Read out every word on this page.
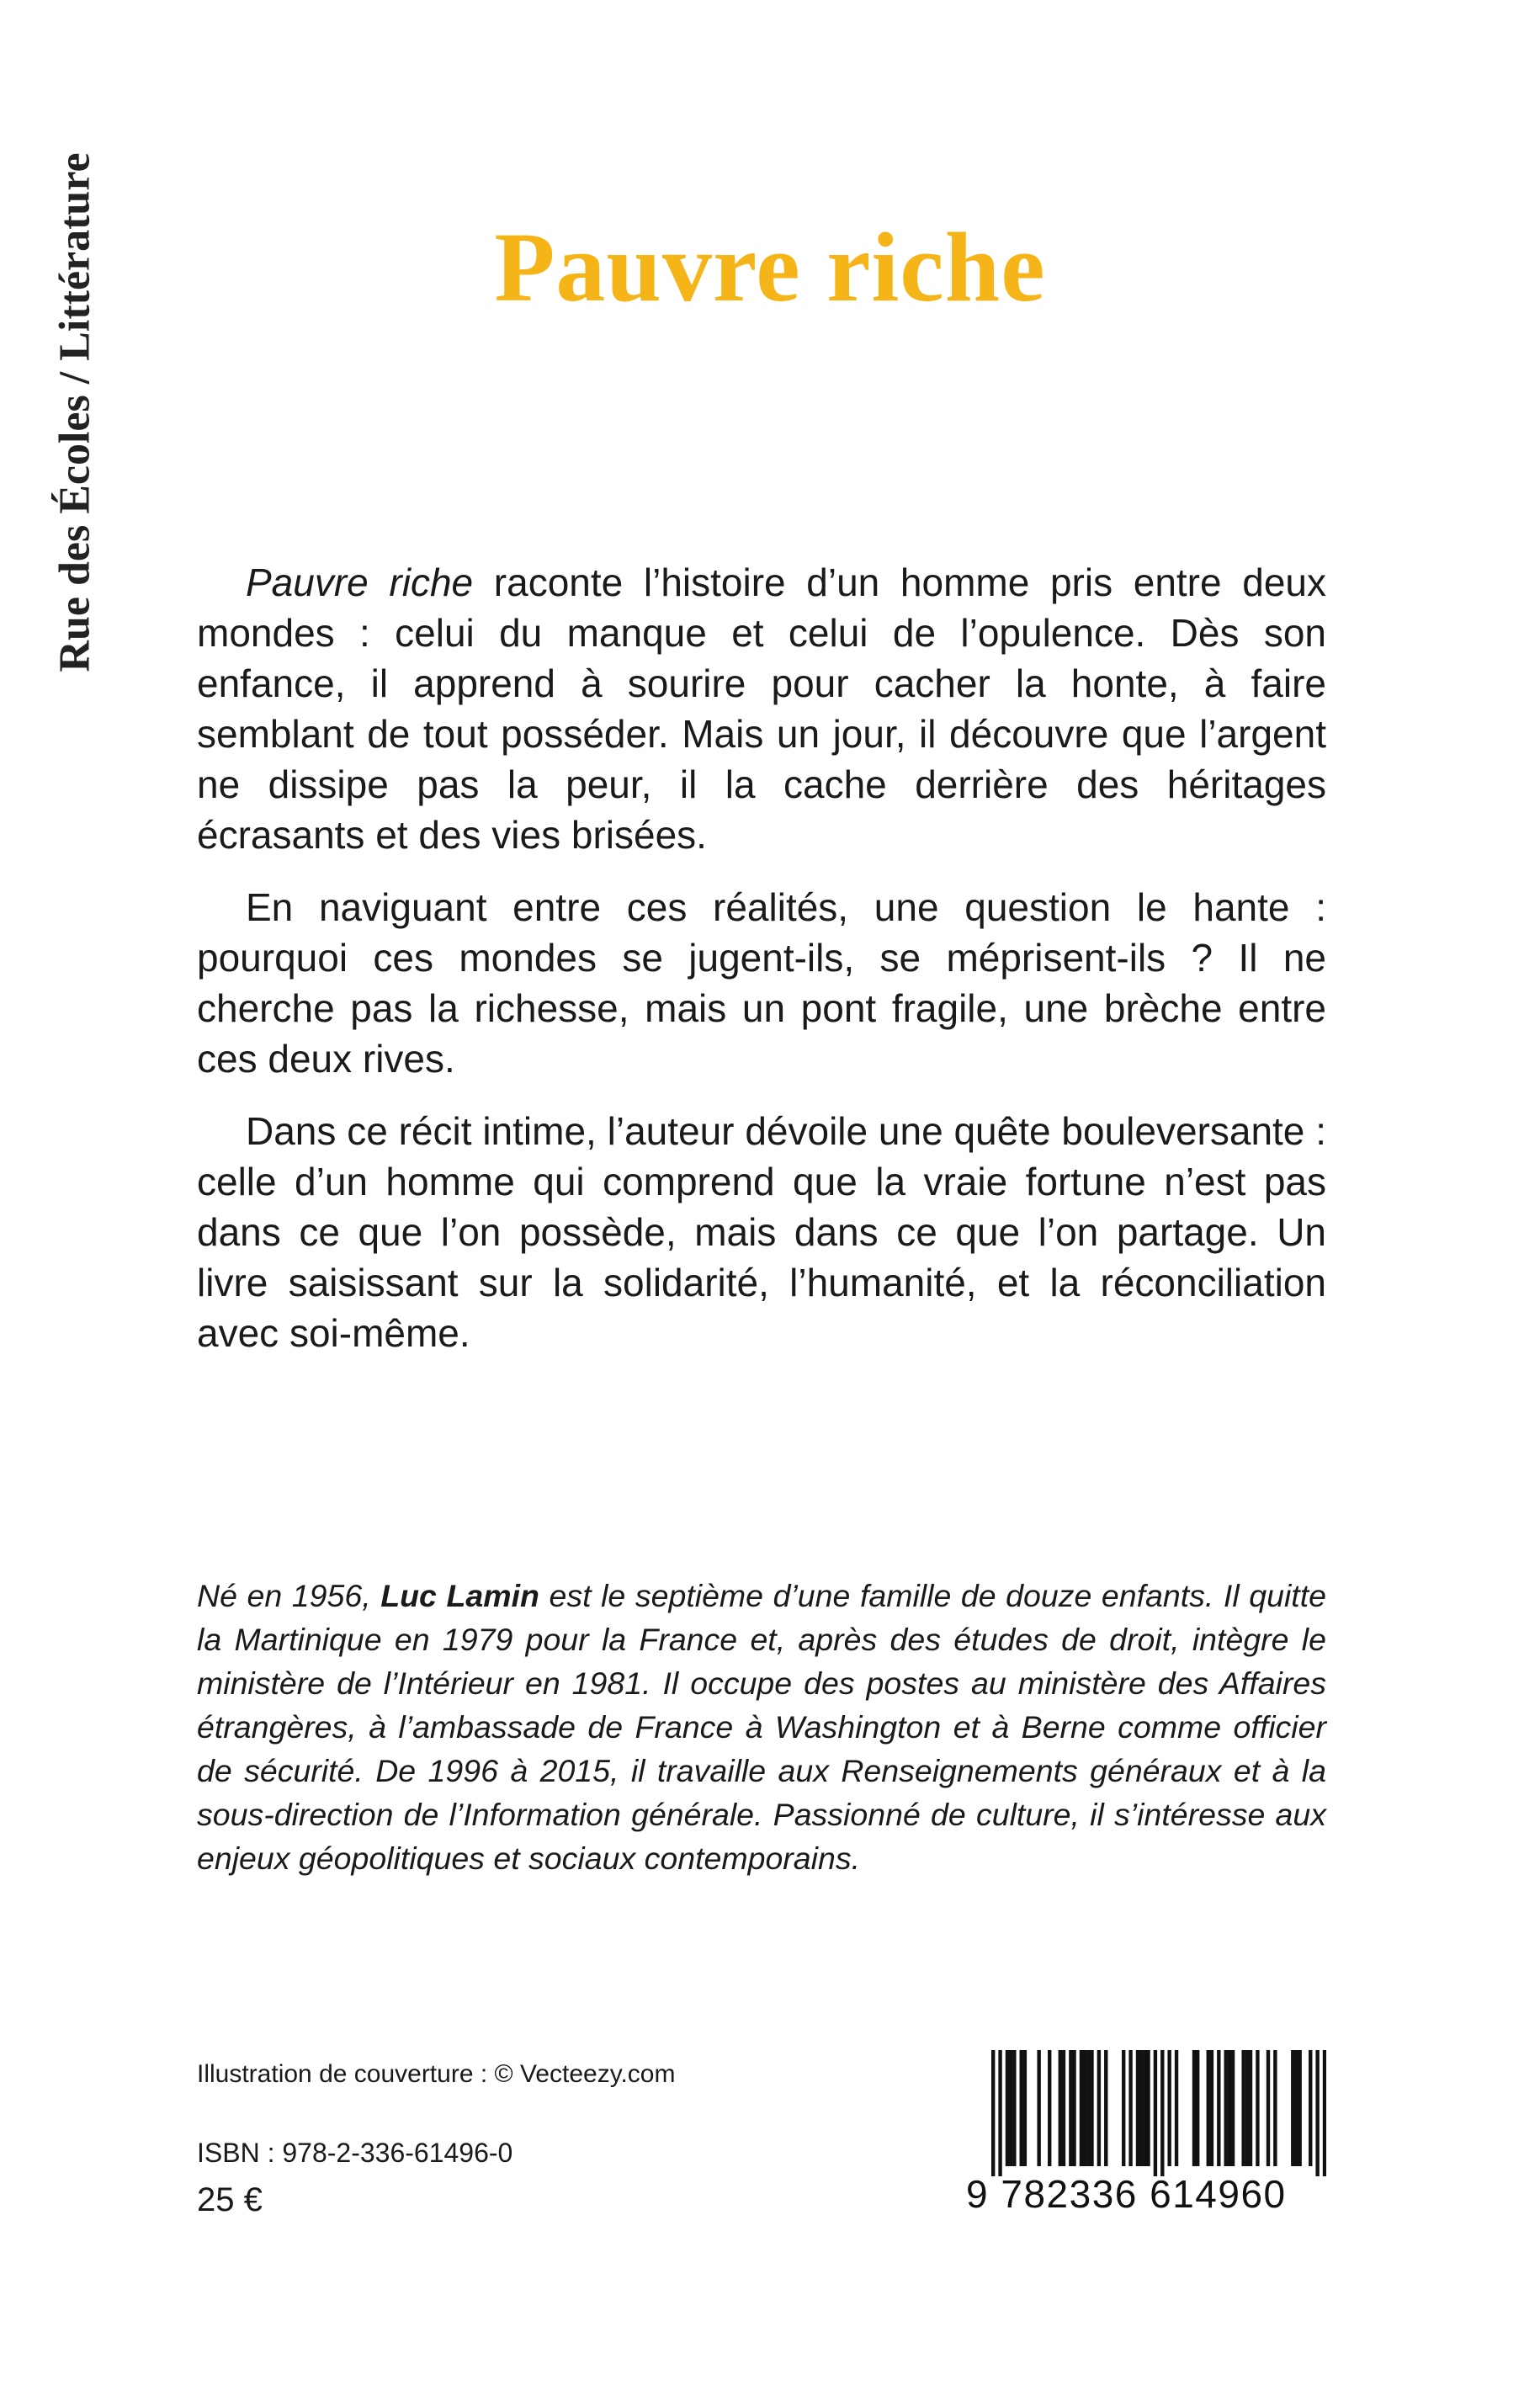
Rue des Écoles / Littérature	Pauvre riche

Pauvre riche raconte l’histoire d’un homme pris entre deux mondes : celui du manque et celui de l’opulence. Dès son enfance, il apprend à sourire pour cacher la honte, à faire semblant de tout posséder. Mais un jour, il découvre que l’argent ne dissipe pas la peur, il la cache derrière des héritages écrasants et des vies brisées.

En naviguant entre ces réalités, une question le hante : pourquoi ces mondes se jugent-ils, se méprisent-ils ? Il ne cherche pas la richesse, mais un pont fragile, une brèche entre ces deux rives.

Dans ce récit intime, l’auteur dévoile une quête bouleversante : celle d’un homme qui comprend que la vraie fortune n’est pas dans ce que l’on possède, mais dans ce que l’on partage. Un livre saisissant sur la solidarité, l’humanité, et la réconciliation avec soi-même.

Né en 1956, Luc Lamin est le septième d’une famille de douze enfants. Il quitte la Martinique en 1979 pour la France et, après des études de droit, intègre le ministère de l’Intérieur en 1981. Il occupe des postes au ministère des Affaires étrangères, à l’ambassade de France à Washington et à Berne comme officier de sécurité. De 1996 à 2015, il travaille aux Renseignements généraux et à la sous-direction de l’Information générale. Passionné de culture, il s’intéresse aux enjeux géopolitiques et sociaux contemporains.

Illustration de couverture : © Vecteezy.com
ISBN : 978-2-336-61496-0
25 €	9 782336 614960
